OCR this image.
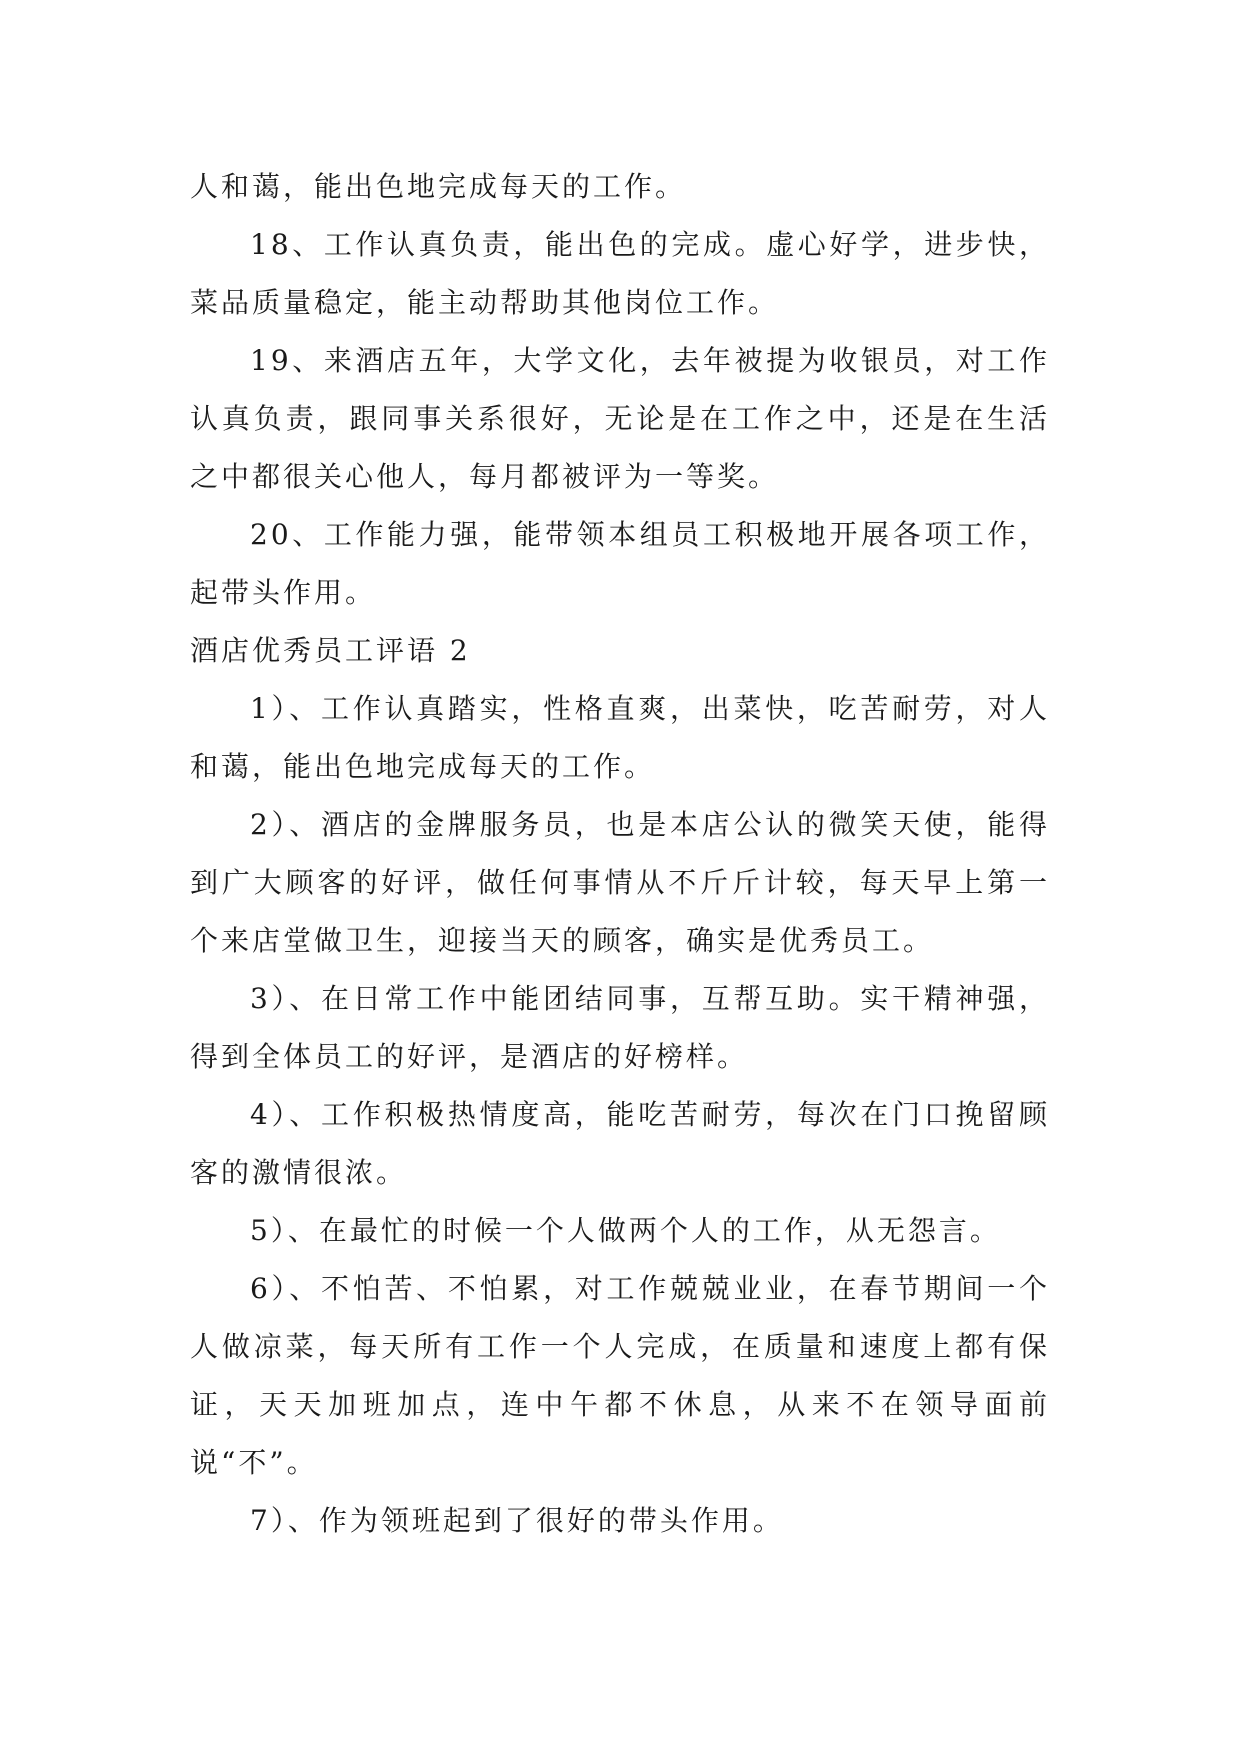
人和蔼，能出色地完成每天的工作。

18、工作认真负责，能出色的完成。虚心好学，进步快，菜品质量稳定，能主动帮助其他岗位工作。

19、来酒店五年，大学文化，去年被提为收银员，对工作认真负责，跟同事关系很好，无论是在工作之中，还是在生活之中都很关心他人，每月都被评为一等奖。

20、工作能力强，能带领本组员工积极地开展各项工作，起带头作用。

酒店优秀员工评语 2

1）、工作认真踏实，性格直爽，出菜快，吃苦耐劳，对人和蔼，能出色地完成每天的工作。

2）、酒店的金牌服务员，也是本店公认的微笑天使，能得到广大顾客的好评，做任何事情从不斤斤计较，每天早上第一个来店堂做卫生，迎接当天的顾客，确实是优秀员工。

3）、在日常工作中能团结同事，互帮互助。实干精神强，得到全体员工的好评，是酒店的好榜样。

4）、工作积极热情度高，能吃苦耐劳，每次在门口挽留顾客的激情很浓。

5）、在最忙的时候一个人做两个人的工作，从无怨言。

6）、不怕苦、不怕累，对工作兢兢业业，在春节期间一个人做凉菜，每天所有工作一个人完成，在质量和速度上都有保证，天天加班加点，连中午都不休息，从来不在领导面前说“不”。

7）、作为领班起到了很好的带头作用。
